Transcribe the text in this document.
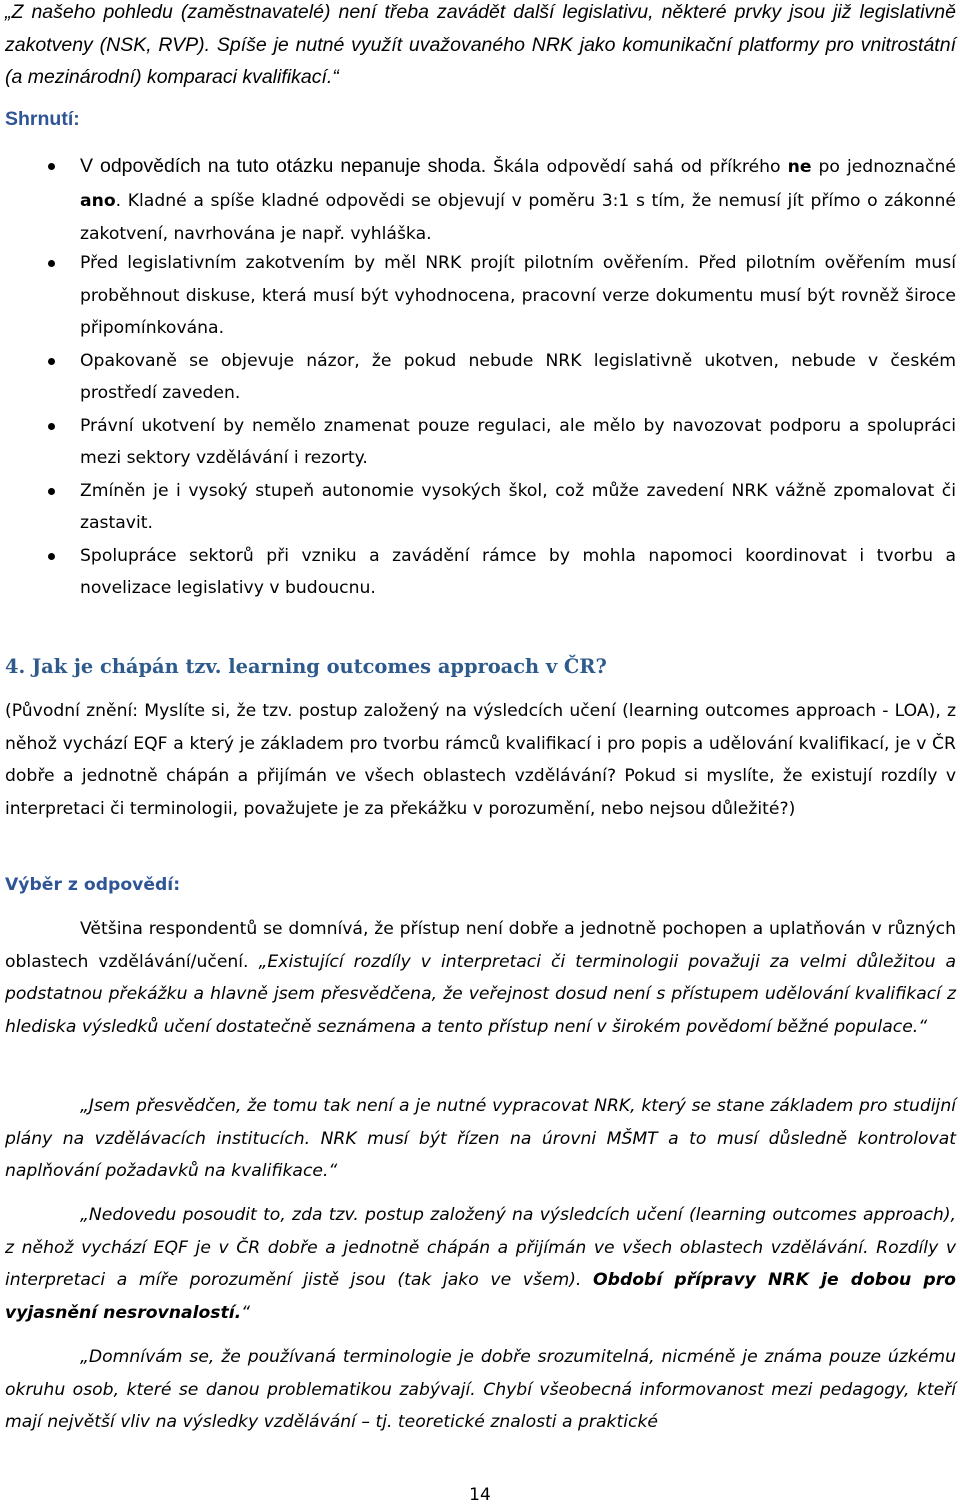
„Z našeho pohledu (zaměstnavatelé) není třeba zavádět další legislativu, některé prvky jsou již legislativně zakotveny (NSK, RVP). Spíše je nutné využít uvažovaného NRK jako komunikační platformy pro vnitrostátní (a mezinárodní) komparaci kvalifikací.“

Shrnutí:

V odpovědích na tuto otázku nepanuje shoda. Škála odpovědí sahá od příkrého ne po jednoznačné ano. Kladné a spíše kladné odpovědi se objevují v poměru 3:1 s tím, že nemusí jít přímo o zákonné zakotvení, navrhována je např. vyhláška.
Před legislativním zakotvením by měl NRK projít pilotním ověřením. Před pilotním ověřením musí proběhnout diskuse, která musí být vyhodnocena, pracovní verze dokumentu musí být rovněž široce připomínkována.
Opakovaně se objevuje názor, že pokud nebude NRK legislativně ukotven, nebude v českém prostředí zaveden.
Právní ukotvení by nemělo znamenat pouze regulaci, ale mělo by navozovat podporu a spolupráci mezi sektory vzdělávání i rezorty.
Zmíněn je i vysoký stupeň autonomie vysokých škol, což může zavedení NRK vážně zpomalovat či zastavit.
Spolupráce sektorů při vzniku a zavádění rámce by mohla napomoci koordinovat i tvorbu a novelizace legislativy v budoucnu.
4. Jak je chápán tzv. learning outcomes approach v ČR?

(Původní znění: Myslíte si, že tzv. postup založený na výsledcích učení (learning outcomes approach - LOA), z něhož vychází EQF a který je základem pro tvorbu rámců kvalifikací i pro popis a udělování kvalifikací, je v ČR dobře a jednotně chápán a přijímán ve všech oblastech vzdělávání? Pokud si myslíte, že existují rozdíly v interpretaci či terminologii, považujete je za překážku v porozumění, nebo nejsou důležité?)

Výběr z odpovědí:

Většina respondentů se domnívá, že přístup není dobře a jednotně pochopen a uplatňován v různých oblastech vzdělávání/učení. „Existující rozdíly v interpretaci či terminologii považuji za velmi důležitou a podstatnou překážku a hlavně jsem přesvědčena, že veřejnost dosud není s přístupem udělování kvalifikací z hlediska výsledků učení dostatečně seznámena a tento přístup není v širokém povědomí běžné populace.“

„Jsem přesvědčen, že tomu tak není a je nutné vypracovat NRK, který se stane základem pro studijní plány na vzdělávacích institucích. NRK musí být řízen na úrovni MŠMT a to musí důsledně kontrolovat naplňování požadavků na kvalifikace.“

„Nedovedu posoudit to, zda tzv. postup založený na výsledcích učení (learning outcomes approach), z něhož vychází EQF je v ČR dobře a jednotně chápán a přijímán ve všech oblastech vzdělávání. Rozdíly v interpretaci a míře porozumění jistě jsou (tak jako ve všem). Období přípravy NRK je dobou pro vyjasnění nesrovnalostí.“

„Domnívám se, že používaná terminologie je dobře srozumitelná, nicméně je známa pouze úzkému okruhu osob, které se danou problematikou zabývají. Chybí všeobecná informovanost mezi pedagogy, kteří mají největší vliv na výsledky vzdělávání – tj. teoretické znalosti a praktické

14
